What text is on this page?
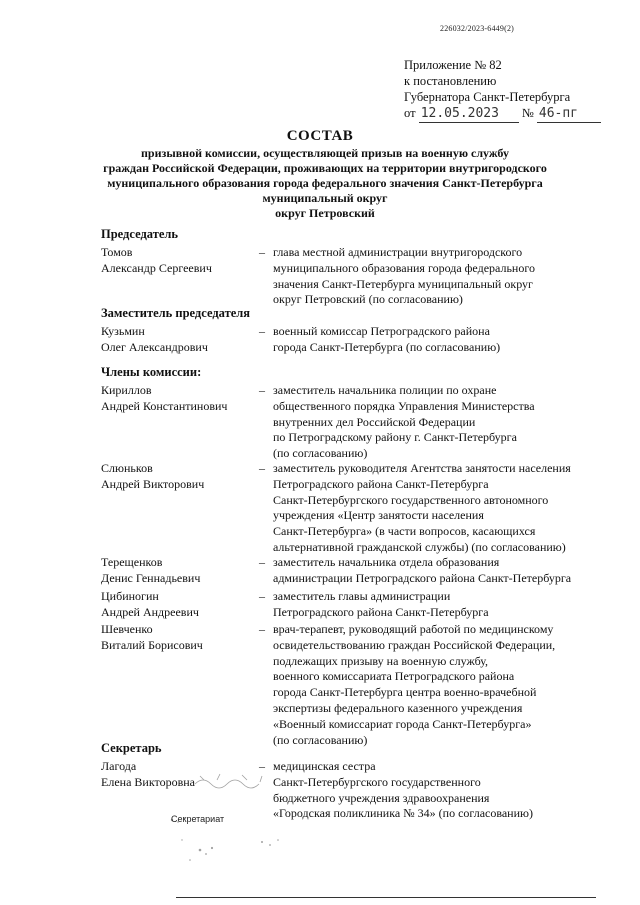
226032/2023-6449(2)
Приложение № 82
к постановлению
Губернатора Санкт-Петербурга
от 12.05.2023 № 46-пг
СОСТАВ
призывной комиссии, осуществляющей призыв на военную службу
граждан Российской Федерации, проживающих на территории внутригородского
муниципального образования города федерального значения Санкт-Петербурга
муниципальный округ
округ Петровский
Председатель
Томов
Александр Сергеевич
– глава местной администрации внутригородского
муниципального образования города федерального
значения Санкт-Петербурга муниципальный округ
округ Петровский (по согласованию)
Заместитель председателя
Кузьмин
Олег Александрович
– военный комиссар Петроградского района
города Санкт-Петербурга (по согласованию)
Члены комиссии:
Кириллов
Андрей Константинович
– заместитель начальника полиции по охране
общественного порядка Управления Министерства
внутренних дел Российской Федерации
по Петроградскому району г. Санкт-Петербурга
(по согласованию)
Слюньков
Андрей Викторович
– заместитель руководителя Агентства занятости населения
Петроградского района Санкт-Петербурга
Санкт-Петербургского государственного автономного
учреждения «Центр занятости населения
Санкт-Петербурга» (в части вопросов, касающихся
альтернативной гражданской службы) (по согласованию)
Терещенков
Денис Геннадьевич
– заместитель начальника отдела образования
администрации Петроградского района Санкт-Петербурга
Цибиногин
Андрей Андреевич
– заместитель главы администрации
Петроградского района Санкт-Петербурга
Шевченко
Виталий Борисович
– врач-терапевт, руководящий работой по медицинскому
освидетельствованию граждан Российской Федерации,
подлежащих призыву на военную службу,
военного комиссариата Петроградского района
города Санкт-Петербурга центра военно-врачебной
экспертизы федерального казенного учреждения
«Военный комиссариат города Санкт-Петербурга»
(по согласованию)
Секретарь
Лагода
Елена Викторовна
– медицинская сестра
Санкт-Петербургского государственного
бюджетного учреждения здравоохранения
«Городская поликлиника № 34» (по согласованию)
Секретариат
